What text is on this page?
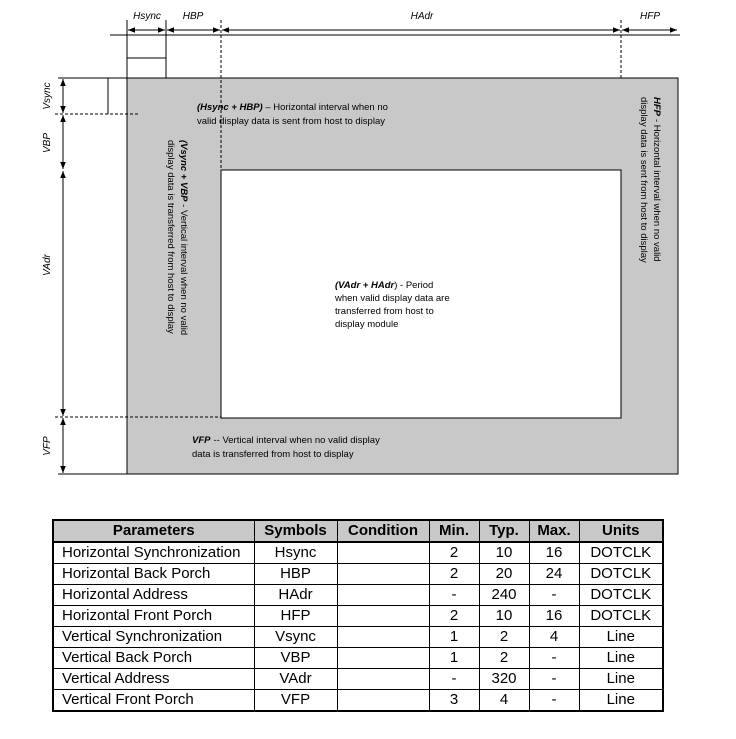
Hsync HBP	HAdr	HFP
Vsync
VBP
VAdr
VFP
(Hsync + HBP) – Horizontal interval when no
valid display data is sent from host to display
(Vsync + VBP - Vertical interval when no valid
display data is transferred from host to display
HFP- Horizontal interval when no valid
display data is sent from host to display
(VAdr + HAdr) - Period
when valid display data are
transferred from host to
display module
VFP -- Vertical interval when no valid display
data is transferred from host to display
Parameters	Symbols	Condition	Min.	Typ.	Max.	Units
Horizontal Synchronization	Hsync		2	10	16	DOTCLK
Horizontal Back Porch	HBP		2	20	24	DOTCLK
Horizontal Address	HAdr		-	240	-	DOTCLK
Horizontal Front Porch	HFP		2	10	16	DOTCLK
Vertical Synchronization	Vsync		1	2	4	Line
Vertical Back Porch	VBP		1	2	-	Line
Vertical Address	VAdr		-	320	-	Line
Vertical Front Porch	VFP		3	4	-	Line
